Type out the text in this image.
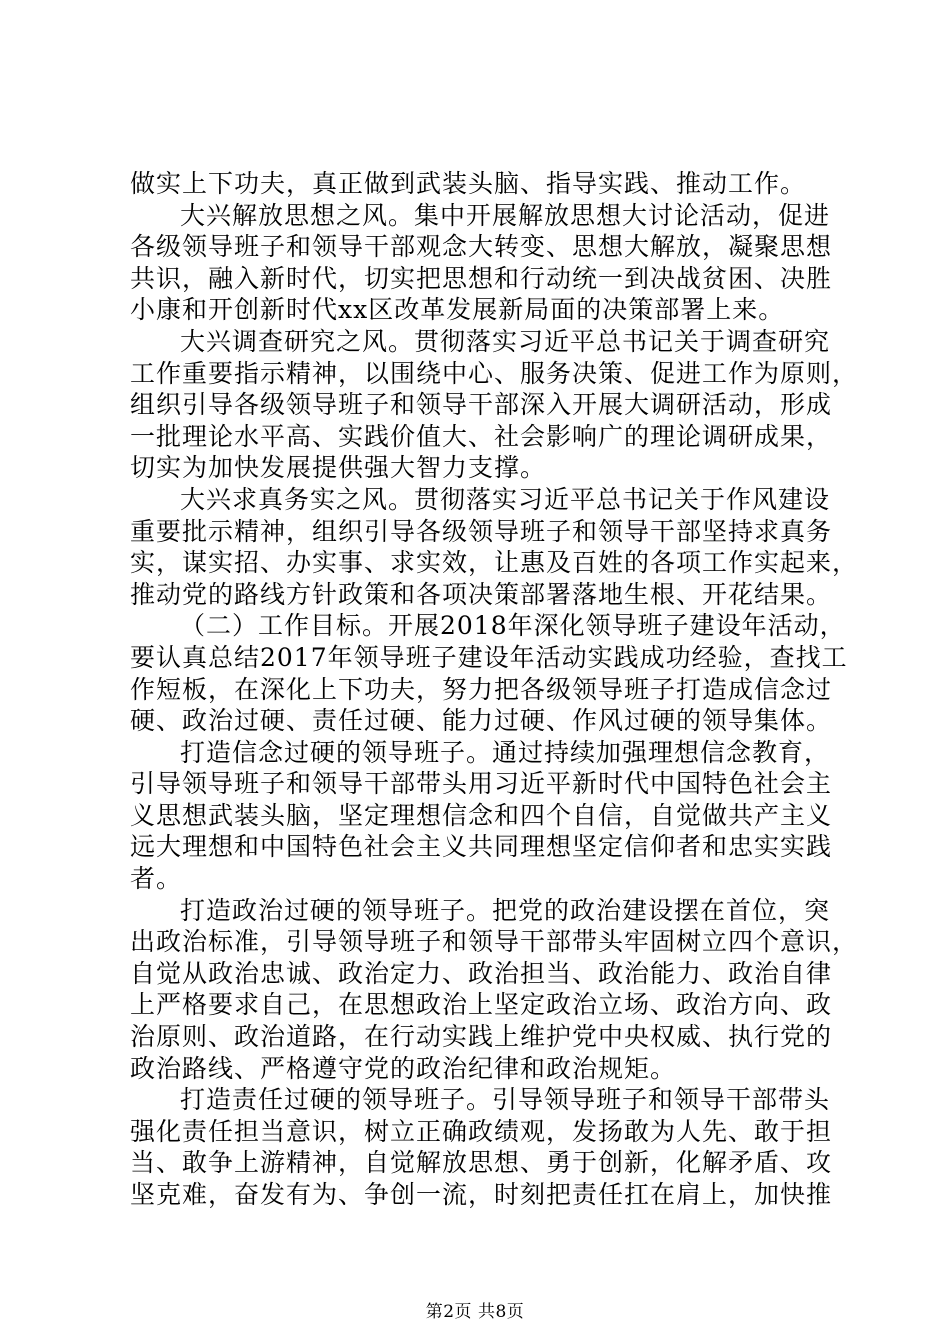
做实上下功夫，真正做到武装头脑、指导实践、推动工作。
大兴解放思想之风。集中开展解放思想大讨论活动，促进
各级领导班子和领导干部观念大转变、思想大解放，凝聚思想
共识，融入新时代，切实把思想和行动统一到决战贫困、决胜
小康和开创新时代xx区改革发展新局面的决策部署上来。
大兴调查研究之风。贯彻落实习近平总书记关于调查研究
工作重要指示精神，以围绕中心、服务决策、促进工作为原则，
组织引导各级领导班子和领导干部深入开展大调研活动，形成
一批理论水平高、实践价值大、社会影响广的理论调研成果，
切实为加快发展提供强大智力支撑。
大兴求真务实之风。贯彻落实习近平总书记关于作风建设
重要批示精神，组织引导各级领导班子和领导干部坚持求真务
实，谋实招、办实事、求实效，让惠及百姓的各项工作实起来，
推动党的路线方针政策和各项决策部署落地生根、开花结果。
（二）工作目标。开展2018年深化领导班子建设年活动，
要认真总结2017年领导班子建设年活动实践成功经验，查找工
作短板，在深化上下功夫，努力把各级领导班子打造成信念过
硬、政治过硬、责任过硬、能力过硬、作风过硬的领导集体。
打造信念过硬的领导班子。通过持续加强理想信念教育，
引导领导班子和领导干部带头用习近平新时代中国特色社会主
义思想武装头脑，坚定理想信念和四个自信，自觉做共产主义
远大理想和中国特色社会主义共同理想坚定信仰者和忠实实践
者。
打造政治过硬的领导班子。把党的政治建设摆在首位，突
出政治标准，引导领导班子和领导干部带头牢固树立四个意识，
自觉从政治忠诚、政治定力、政治担当、政治能力、政治自律
上严格要求自己，在思想政治上坚定政治立场、政治方向、政
治原则、政治道路，在行动实践上维护党中央权威、执行党的
政治路线、严格遵守党的政治纪律和政治规矩。
打造责任过硬的领导班子。引导领导班子和领导干部带头
强化责任担当意识，树立正确政绩观，发扬敢为人先、敢于担
当、敢争上游精神，自觉解放思想、勇于创新，化解矛盾、攻
坚克难，奋发有为、争创一流，时刻把责任扛在肩上，加快推
第2页 共8页
